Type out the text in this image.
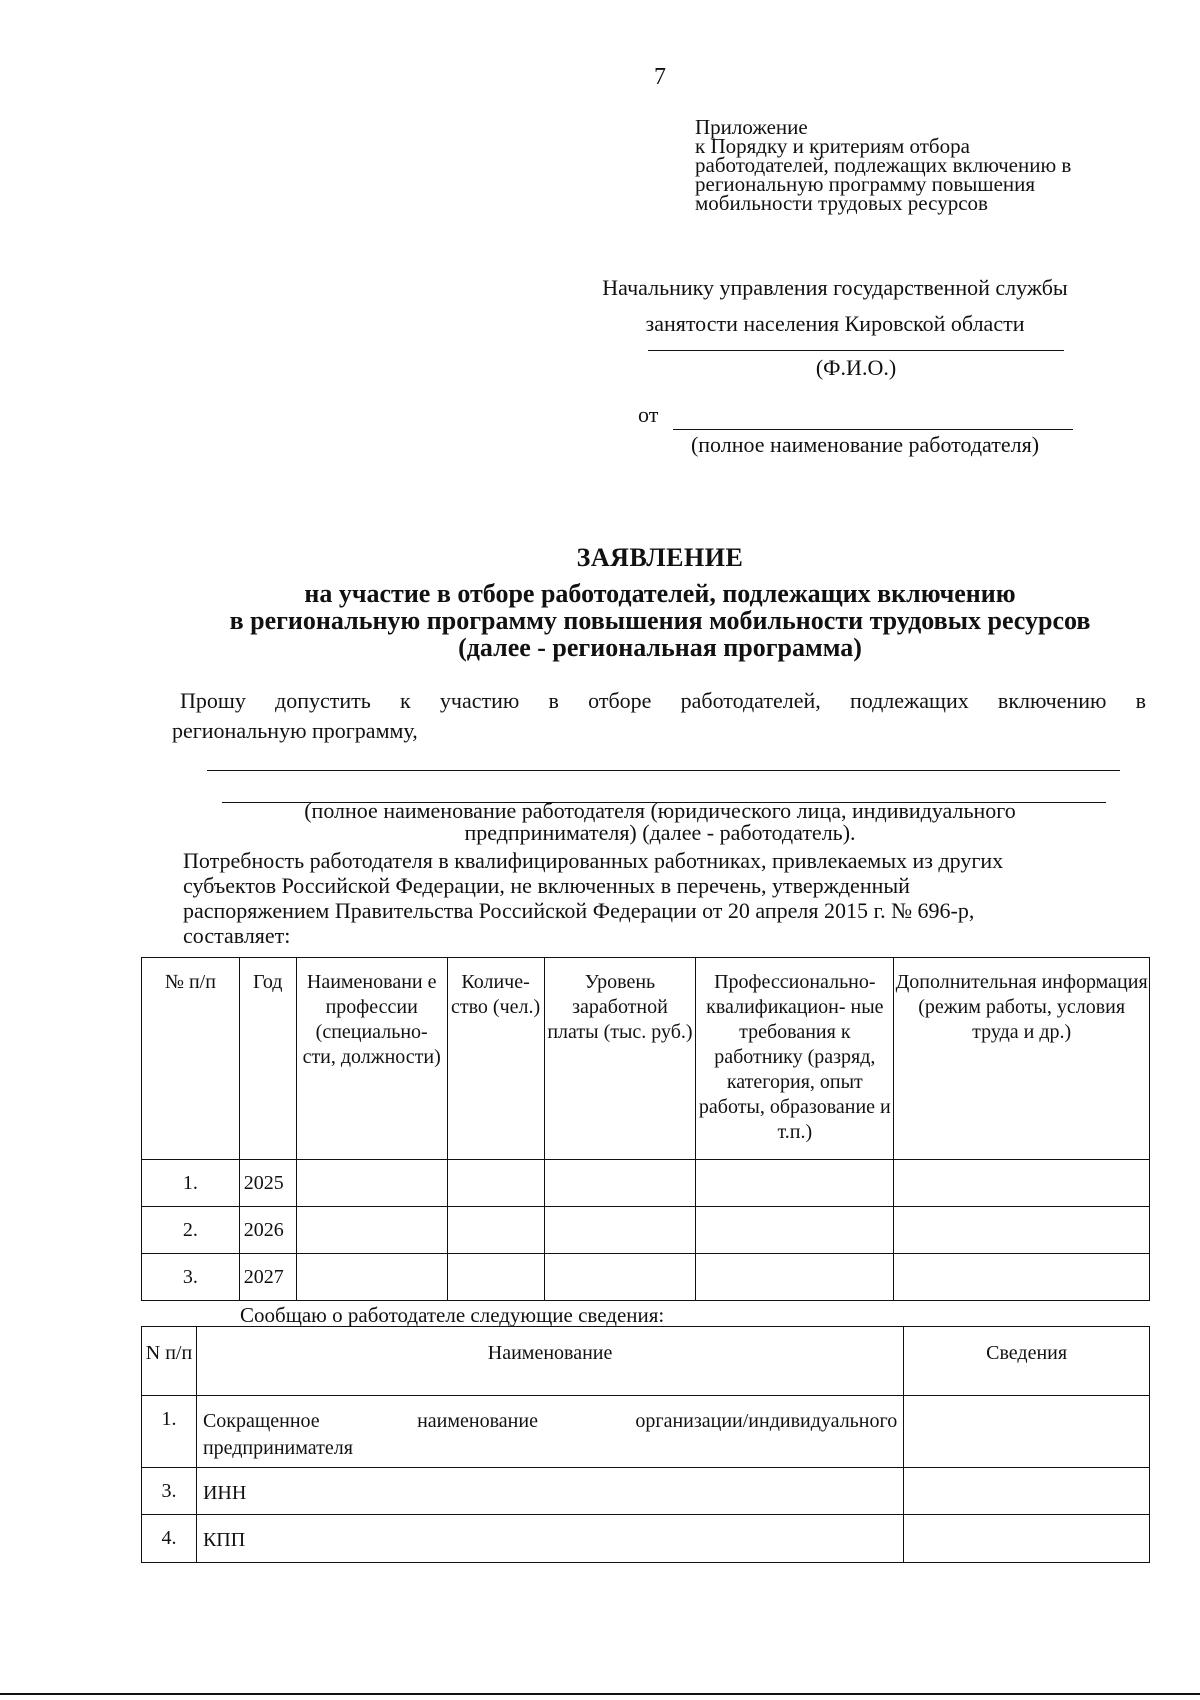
7
Приложение
к Порядку и критериям отбора
работодателей, подлежащих включению в
региональную программу повышения
мобильности трудовых ресурсов
Начальнику управления государственной службы
занятости населения Кировской области
(Ф.И.О.)
от
(полное наименование работодателя)
ЗАЯВЛЕНИЕ
на участие в отборе работодателей, подлежащих включению
в региональную программу повышения мобильности трудовых ресурсов
(далее - региональная программа)
Прошу допустить к участию в отборе работодателей, подлежащих включению в
региональную программу,
(полное наименование работодателя (юридического лица, индивидуального
предпринимателя) (далее - работодатель).
Потребность работодателя в квалифицированных работниках, привлекаемых из других
субъектов Российской Федерации, не включенных в перечень, утвержденный
распоряжением Правительства Российской Федерации от 20 апреля 2015 г. № 696-р,
составляет:
№ п/п	Год	Наименовани е профессии (специально- сти, должности)	Количе- ство (чел.)	Уровень заработной платы (тыс. руб.)	Профессионально- квалификацион- ные требования к работнику (разряд, категория, опыт работы, образование и т.п.)	Дополнительная информация (режим работы, условия труда и др.)
1.	2025					
2.	2026					
3.	2027					
Сообщаю о работодателе следующие сведения:
N п/п	Наименование	Сведения
1.	Сокращенное наименование организации/индивидуального
предпринимателя	

3.	ИНН	
4.	КПП	
